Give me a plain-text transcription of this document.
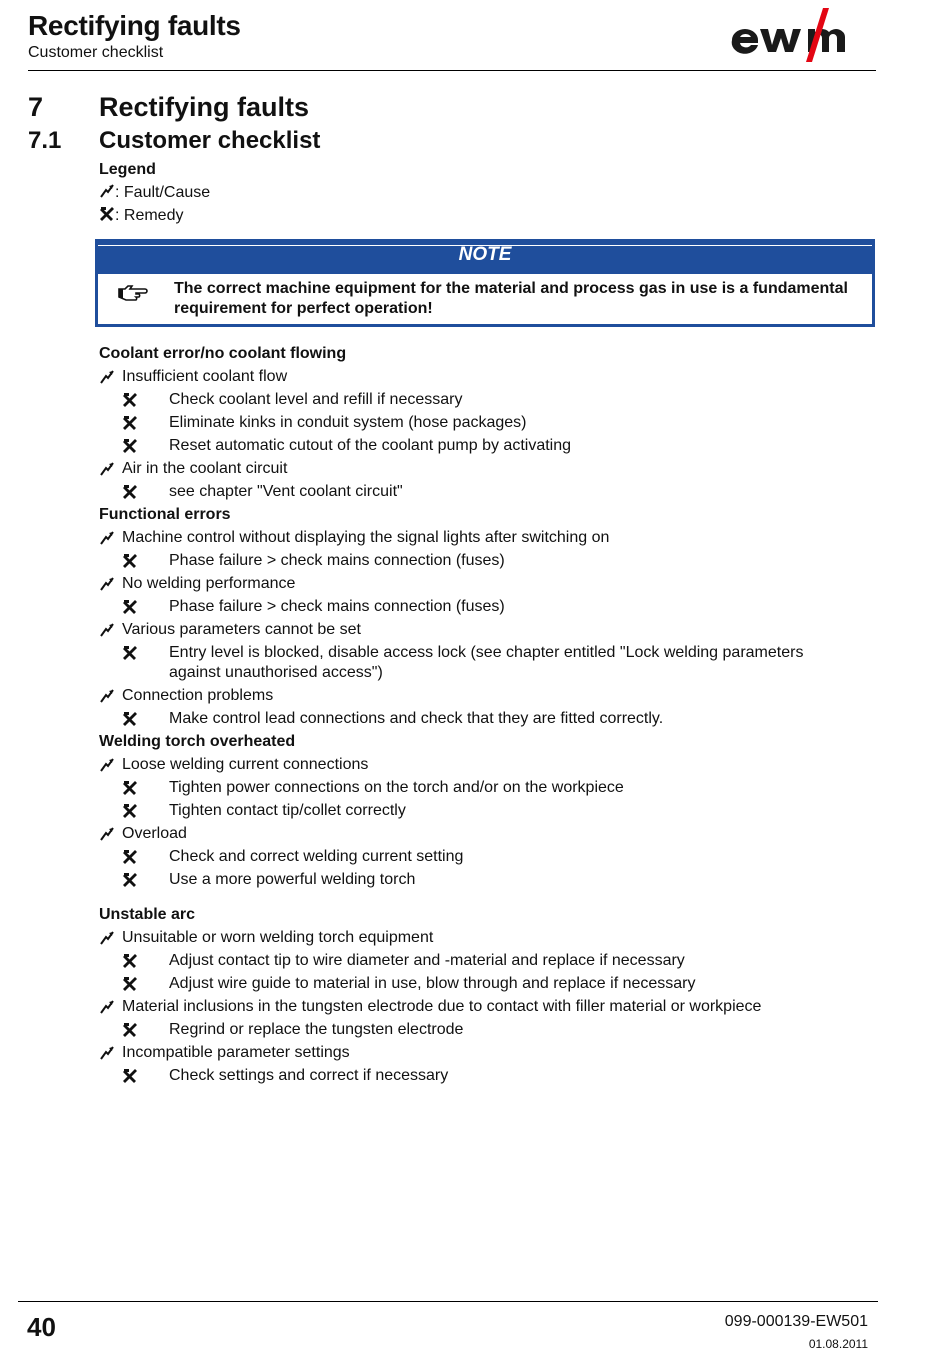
Rectifying faults
Customer checklist
7 Rectifying faults
7.1 Customer checklist
Legend
: Fault/Cause
: Remedy
NOTE
The correct machine equipment for the material and process gas in use is a fundamental requirement for perfect operation!
Coolant error/no coolant flowing
Insufficient coolant flow
Check coolant level and refill if necessary
Eliminate kinks in conduit system (hose packages)
Reset automatic cutout of the coolant pump by activating
Air in the coolant circuit
see chapter "Vent coolant circuit"
Functional errors
Machine control without displaying the signal lights after switching on
Phase failure > check mains connection (fuses)
No welding performance
Phase failure > check mains connection (fuses)
Various parameters cannot be set
Entry level is blocked, disable access lock (see chapter entitled "Lock welding parameters against unauthorised access")
Connection problems
Make control lead connections and check that they are fitted correctly.
Welding torch overheated
Loose welding current connections
Tighten power connections on the torch and/or on the workpiece
Tighten contact tip/collet correctly
Overload
Check and correct welding current setting
Use a more powerful welding torch
Unstable arc
Unsuitable or worn welding torch equipment
Adjust contact tip to wire diameter and -material and replace if necessary
Adjust wire guide to material in use, blow through and replace if necessary
Material inclusions in the tungsten electrode due to contact with filler material or workpiece
Regrind or replace the tungsten electrode
Incompatible parameter settings
Check settings and correct if necessary
40	099-000139-EW501
01.08.2011
